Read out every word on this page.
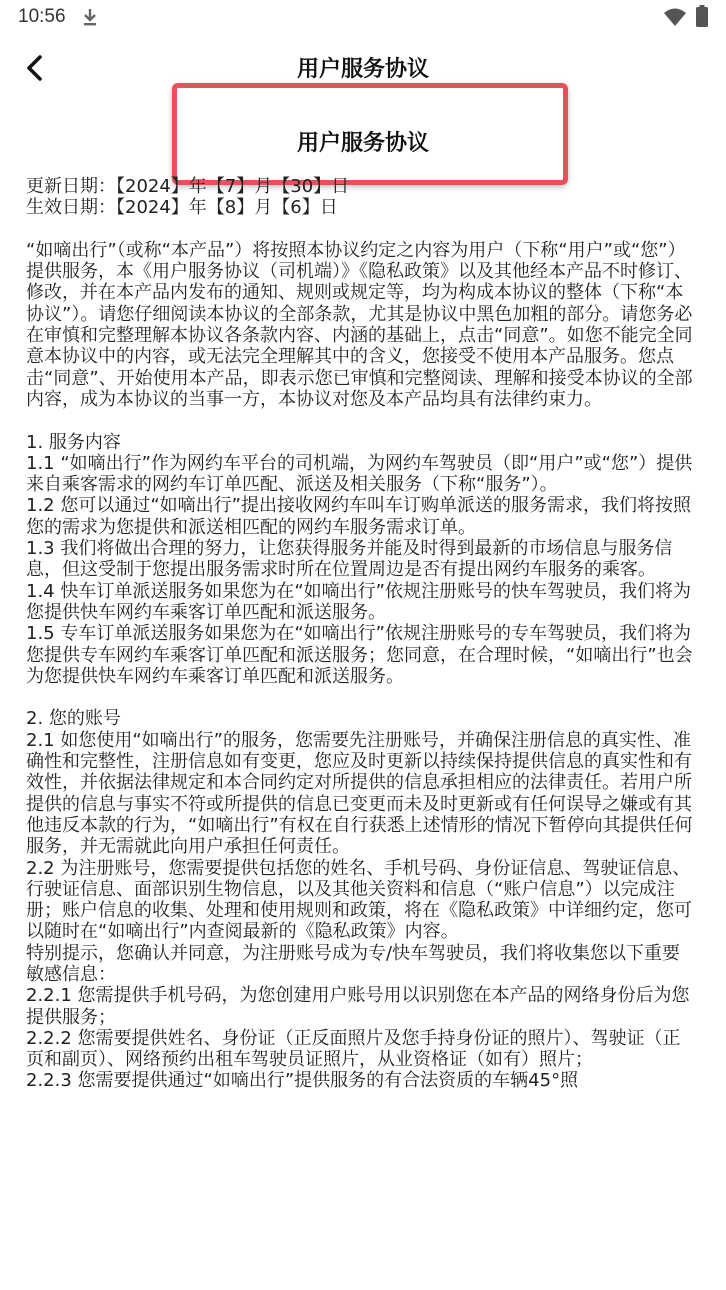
10:56
用户服务协议
用户服务协议

更新日期：【2024】年【7】月【30】日

生效日期：【2024】年【8】月【6】日

“如嘀出行”（或称“本产品”）将按照本协议约定之内容为用户（下称“用户”或“您”）提供服务，本《用户服务协议（司机端）》《隐私政策》以及其他经本产品不时修订、修改，并在本产品内发布的通知、规则或规定等，均为构成本协议的整体（下称“本协议”）。请您仔细阅读本协议的全部条款，尤其是协议中黑色加粗的部分。请您务必在审慎和完整理解本协议各条款内容、内涵的基础上，点击“同意”。如您不能完全同意本协议中的内容，或无法完全理解其中的含义，您接受不使用本产品服务。您点击“同意”、开始使用本产品，即表示您已审慎和完整阅读、理解和接受本协议的全部内容，成为本协议的当事一方，本协议对您及本产品均具有法律约束力。

1. 服务内容

1.1 “如嘀出行”作为网约车平台的司机端，为网约车驾驶员（即“用户”或“您”）提供来自乘客需求的网约车订单匹配、派送及相关服务（下称“服务”）。

1.2 您可以通过“如嘀出行”提出接收网约车叫车订购单派送的服务需求，我们将按照您的需求为您提供和派送相匹配的网约车服务需求订单。

1.3 我们将做出合理的努力，让您获得服务并能及时得到最新的市场信息与服务信息，但这受制于您提出服务需求时所在位置周边是否有提出网约车服务的乘客。

1.4 快车订单派送服务如果您为在“如嘀出行”依规注册账号的快车驾驶员，我们将为您提供快车网约车乘客订单匹配和派送服务。

1.5 专车订单派送服务如果您为在“如嘀出行”依规注册账号的专车驾驶员，我们将为您提供专车网约车乘客订单匹配和派送服务；您同意，在合理时候，“如嘀出行”也会为您提供快车网约车乘客订单匹配和派送服务。

2. 您的账号

2.1 如您使用“如嘀出行”的服务，您需要先注册账号，并确保注册信息的真实性、准确性和完整性，注册信息如有变更，您应及时更新以持续保持提供信息的真实性和有效性，并依据法律规定和本合同约定对所提供的信息承担相应的法律责任。若用户所提供的信息与事实不符或所提供的信息已变更而未及时更新或有任何误导之嫌或有其他违反本款的行为，“如嘀出行”有权在自行获悉上述情形的情况下暂停向其提供任何服务，并无需就此向用户承担任何责任。

2.2 为注册账号，您需要提供包括您的姓名、手机号码、身份证信息、驾驶证信息、行驶证信息、面部识别生物信息，以及其他关资料和信息（“账户信息”）以完成注册；账户信息的收集、处理和使用规则和政策，将在《隐私政策》中详细约定，您可以随时在“如嘀出行”内查阅最新的《隐私政策》内容。

特别提示，您确认并同意，为注册账号成为专/快车驾驶员，我们将收集您以下重要敏感信息：

2.2.1 您需提供手机号码，为您创建用户账号用以识别您在本产品的网络身份后为您提供服务；

2.2.2 您需要提供姓名、身份证（正反面照片及您手持身份证的照片）、驾驶证（正页和副页）、网络预约出租车驾驶员证照片，从业资格证（如有）照片；

2.2.3 您需要提供通过“如嘀出行”提供服务的有合法资质的车辆45°照
